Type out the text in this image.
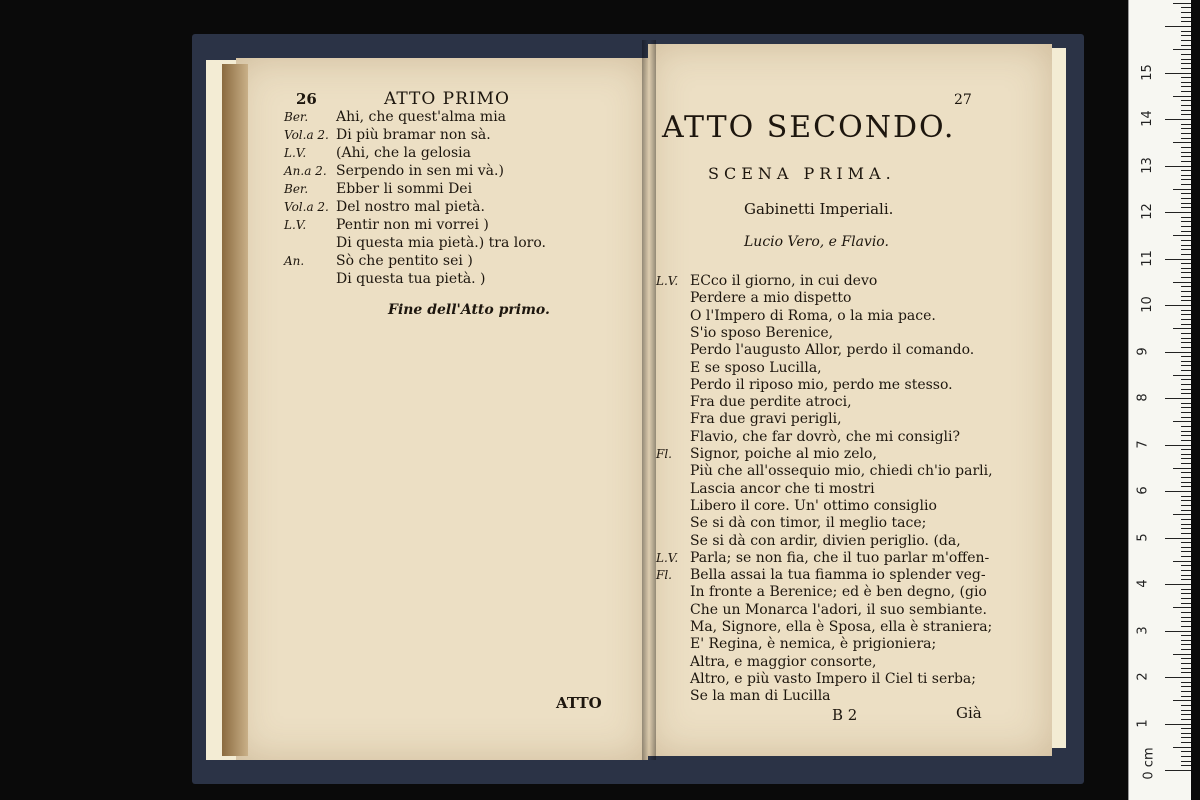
26	ATTO PRIMO
Ber. Ahi, che quest'alma mia
Vol.a 2. Di più bramar non sà.
L.V. (Ahi, che la gelosia
An.a 2. Serpendo in sen mi và.)
Ber. Ebber li sommi Dei
Vol.a 2. Del nostro mal pietà.
L.V. Pentir non mi vorrei )
Di questa mia pietà.) tra loro.
An. Sò che pentito sei )
Di questa tua pietà. )
Fine dell'Atto primo.
ATTO
27
ATTO SECONDO.
SCENA PRIMA.
Gabinetti Imperiali.
Lucio Vero, e Flavio.
L.V. ECco il giorno, in cui devo
Perdere a mio dispetto
O l'Impero di Roma, o la mia pace.
S'io sposo Berenice,
Perdo l'augusto Allor, perdo il comando.
E se sposo Lucilla,
Perdo il riposo mio, perdo me stesso.
Fra due perdite atroci,
Fra due gravi perigli,
Flavio, che far dovrò, che mi consigli?
Fl. Signor, poiche al mio zelo,
Più che all'ossequio mio, chiedi ch'io parli,
Lascia ancor che ti mostri
Libero il core. Un' ottimo consiglio
Se si dà con timor, il meglio tace;
Se si dà con ardir, divien periglio. (da,
L.V. Parla; se non fia, che il tuo parlar m'offen-
Fl. Bella assai la tua fiamma io splender veg-
In fronte a Berenice; ed è ben degno, (gio
Che un Monarca l'adori, il suo sembiante.
Ma, Signore, ella è Sposa, ella è straniera;
E' Regina, è nemica, è prigioniera;
Altra, e maggior consorte,
Altro, e più vasto Impero il Ciel ti serba;
Se la man di Lucilla
B 2	Già
0 cm
1
2
3
4
5
6
7
8
9
10
11
12
13
14
15
